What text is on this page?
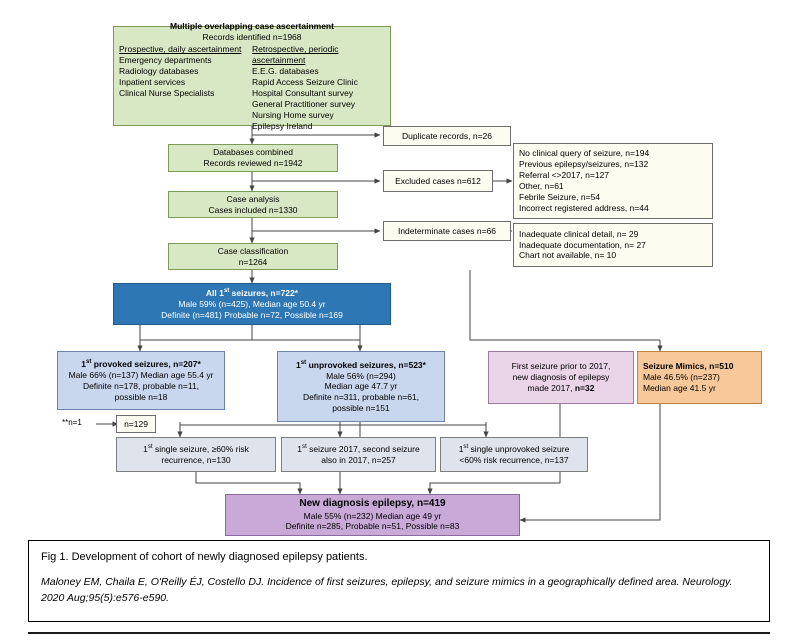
Multiple overlapping case ascertainment
Records identified n=1968
Prospective, daily ascertainment
Emergency departments
Radiology databases
Inpatient services
Clinical Nurse Specialists
Retrospective, periodic ascertainment
E.E.G. databases
Rapid Access Seizure Clinic
Hospital Consultant survey
General Practitioner survey
Nursing Home survey
Epilepsy Ireland
Duplicate records, n=26
Databases combined
Records reviewed n=1942
Excluded cases n=612
No clinical query of seizure, n=194
Previous epilepsy/seizures, n=132
Referral <>2017, n=127
Other, n=61
Febrile Seizure, n=54
Incorrect registered address, n=44
Case analysis
Cases included n=1330
Indeterminate cases n=66	Inadequate clinical detail, n= 29
Inadequate documentation, n= 27
Chart not available, n= 10
Case classification
n=1264
All 1st seizures, n=722*
Male 59% (n=425), Median age 50.4 yr
Definite (n=481) Probable n=72, Possible n=169
1st provoked seizures, n=207*
Male 66% (n=137) Median age 55.4 yr
Definite n=178, probable n=11,
possible n=18
1st unprovoked seizures, n=523*
Male 56% (n=294)
Median age 47.7 yr
Definite n=311, probable n=61,
possible n=151
First seizure prior to 2017,
new diagnosis of epilepsy
made 2017, n=32
Seizure Mimics, n=510
Male 46.5% (n=237)
Median age 41.5 yr
**n=1	n=129
1st single seizure, ≥60% risk
recurrence, n=130
1st seizure 2017, second seizure
also in 2017, n=257
1st single unprovoked seizure
<60% risk recurrence, n=137
New diagnosis epilepsy, n=419
Male 55% (n=232) Median age 49 yr
Definite n=285, Probable n=51, Possible n=83
Fig 1. Development of cohort of newly diagnosed epilepsy patients.
Maloney EM, Chaila E, O'Reilly ÉJ, Costello DJ. Incidence of first seizures, epilepsy, and seizure mimics in a geographically defined area. Neurology. 2020 Aug;95(5):e576-e590.
